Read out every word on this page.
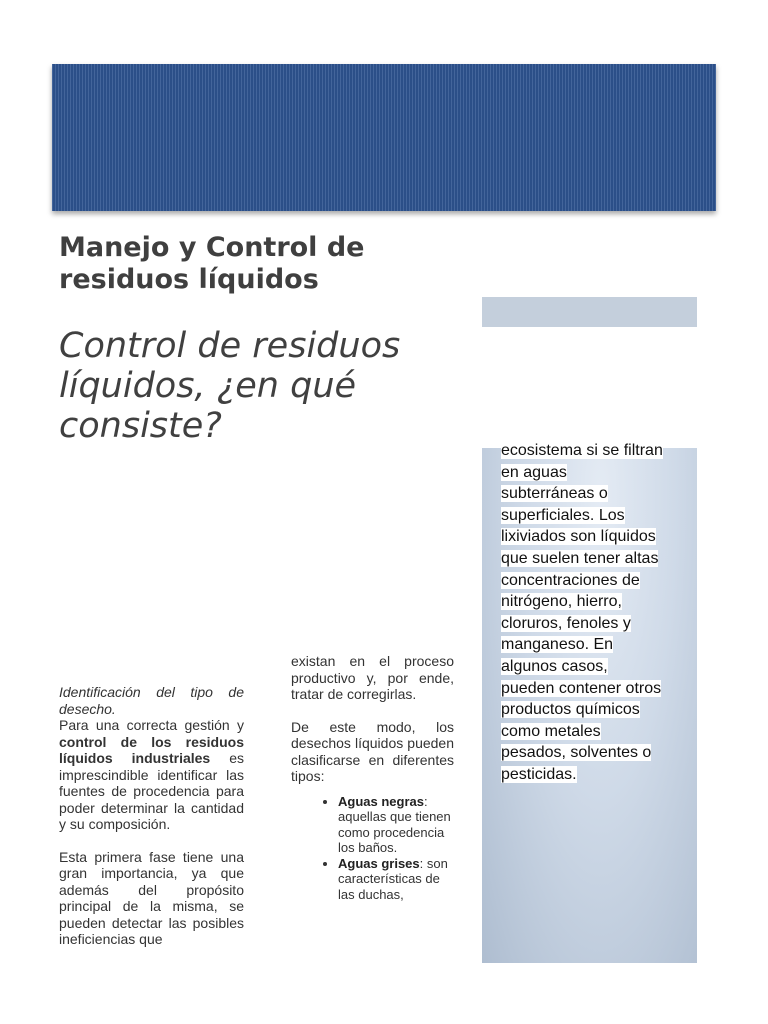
Manejo y Control de
residuos líquidos
Control de residuos
líquidos, ¿en qué
consiste?

ecosistema si se filtran
en aguas
subterráneas o
superficiales. Los
lixiviados son líquidos
que suelen tener altas
concentraciones de
nitrógeno, hierro,
cloruros, fenoles y
manganeso. En
algunos casos,
pueden contener otros
productos químicos
como metales
pesados, solventes o
pesticidas.

Identificación del tipo de desecho.

Para una correcta gestión y control de los residuos líquidos industriales es imprescindible identificar las fuentes de procedencia para poder determinar la cantidad y su composición.

Esta primera fase tiene una gran importancia, ya que además del propósito principal de la misma, se pueden detectar las posibles ineficiencias que

existan en el proceso productivo y, por ende, tratar de corregirlas.

De este modo, los desechos líquidos pueden clasificarse en diferentes tipos:

• Aguas negras: aquellas que tienen como procedencia los baños.
• Aguas grises: son características de las duchas,
